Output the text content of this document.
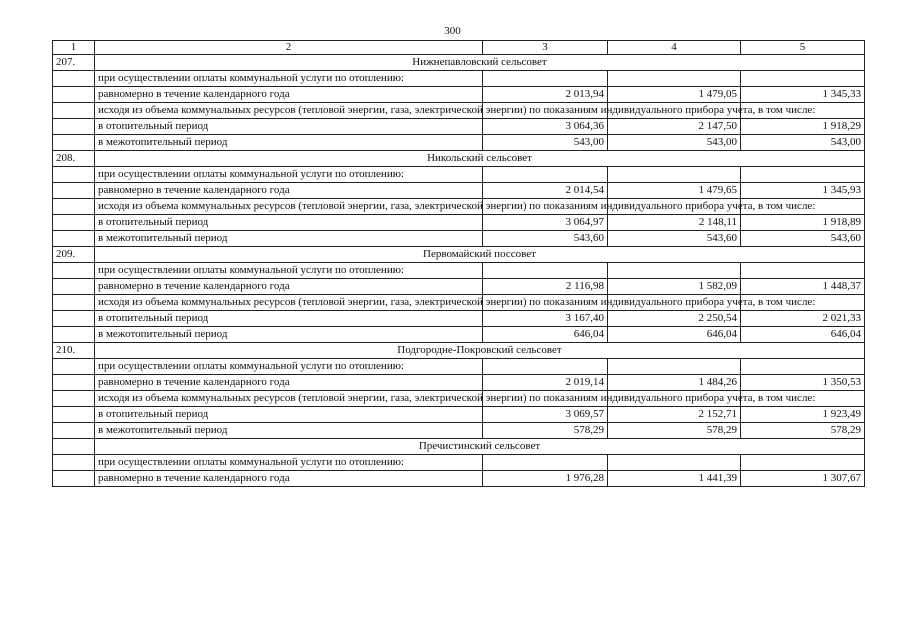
300
1	2	3	4	5
207.	Нижнепавловский сельсовет			
	при осуществлении оплаты коммунальной услуги по отоплению:			
	равномерно в течение календарного года	2 013,94	1 479,05	1 345,33
	исходя из объема коммунальных ресурсов (тепловой энергии, газа, электрической энергии) по показаниям индивидуального прибора учета, в том числе:			
	в отопительный период	3 064,36	2 147,50	1 918,29
	в межотопительный период	543,00	543,00	543,00
208.	Никольский сельсовет			
	при осуществлении оплаты коммунальной услуги по отоплению:			
	равномерно в течение календарного года	2 014,54	1 479,65	1 345,93
	исходя из объема коммунальных ресурсов (тепловой энергии, газа, электрической энергии) по показаниям индивидуального прибора учета, в том числе:			
	в отопительный период	3 064,97	2 148,11	1 918,89
	в межотопительный период	543,60	543,60	543,60
209.	Первомайский поссовет			
	при осуществлении оплаты коммунальной услуги по отоплению:			
	равномерно в течение календарного года	2 116,98	1 582,09	1 448,37
	исходя из объема коммунальных ресурсов (тепловой энергии, газа, электрической энергии) по показаниям индивидуального прибора учета, в том числе:			
	в отопительный период	3 167,40	2 250,54	2 021,33
	в межотопительный период	646,04	646,04	646,04
210.	Подгородне-Покровский сельсовет			
	при осуществлении оплаты коммунальной услуги по отоплению:			
	равномерно в течение календарного года	2 019,14	1 484,26	1 350,53
	исходя из объема коммунальных ресурсов (тепловой энергии, газа, электрической энергии) по показаниям индивидуального прибора учета, в том числе:			
	в отопительный период	3 069,57	2 152,71	1 923,49
	в межотопительный период	578,29	578,29	578,29
	Пречистинский сельсовет			
	при осуществлении оплаты коммунальной услуги по отоплению:			
	равномерно в течение календарного года	1 976,28	1 441,39	1 307,67
